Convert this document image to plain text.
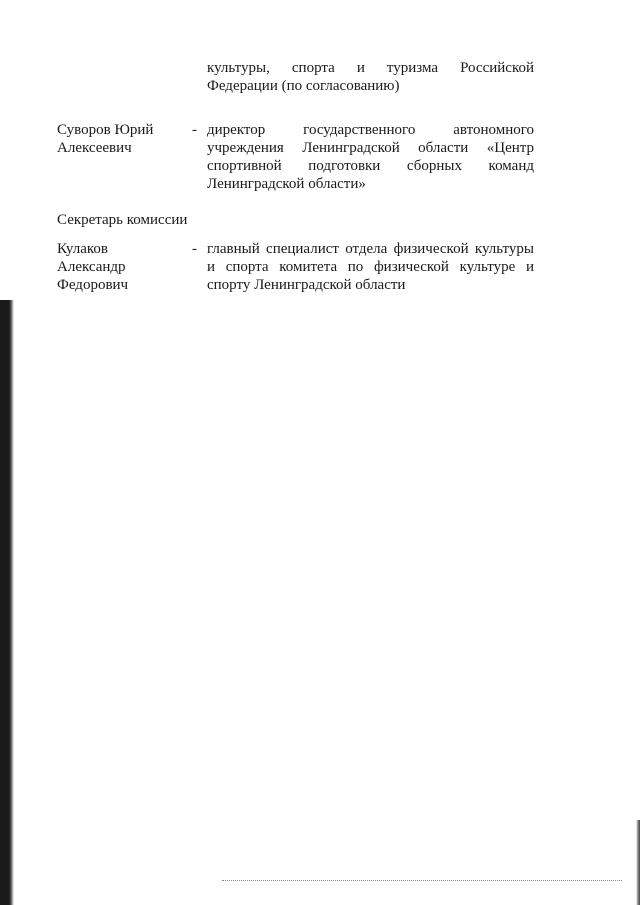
культуры, спорта и туризма Российской Федерации (по согласованию)
Суворов Юрий Алексеевич
- директор государственного автономного учреждения Ленинградской области «Центр спортивной подготовки сборных команд Ленинградской области»
Секретарь комиссии
Кулаков Александр Федорович
- главный специалист отдела физической культуры и спорта комитета по физической культуре и спорту Ленинградской области
